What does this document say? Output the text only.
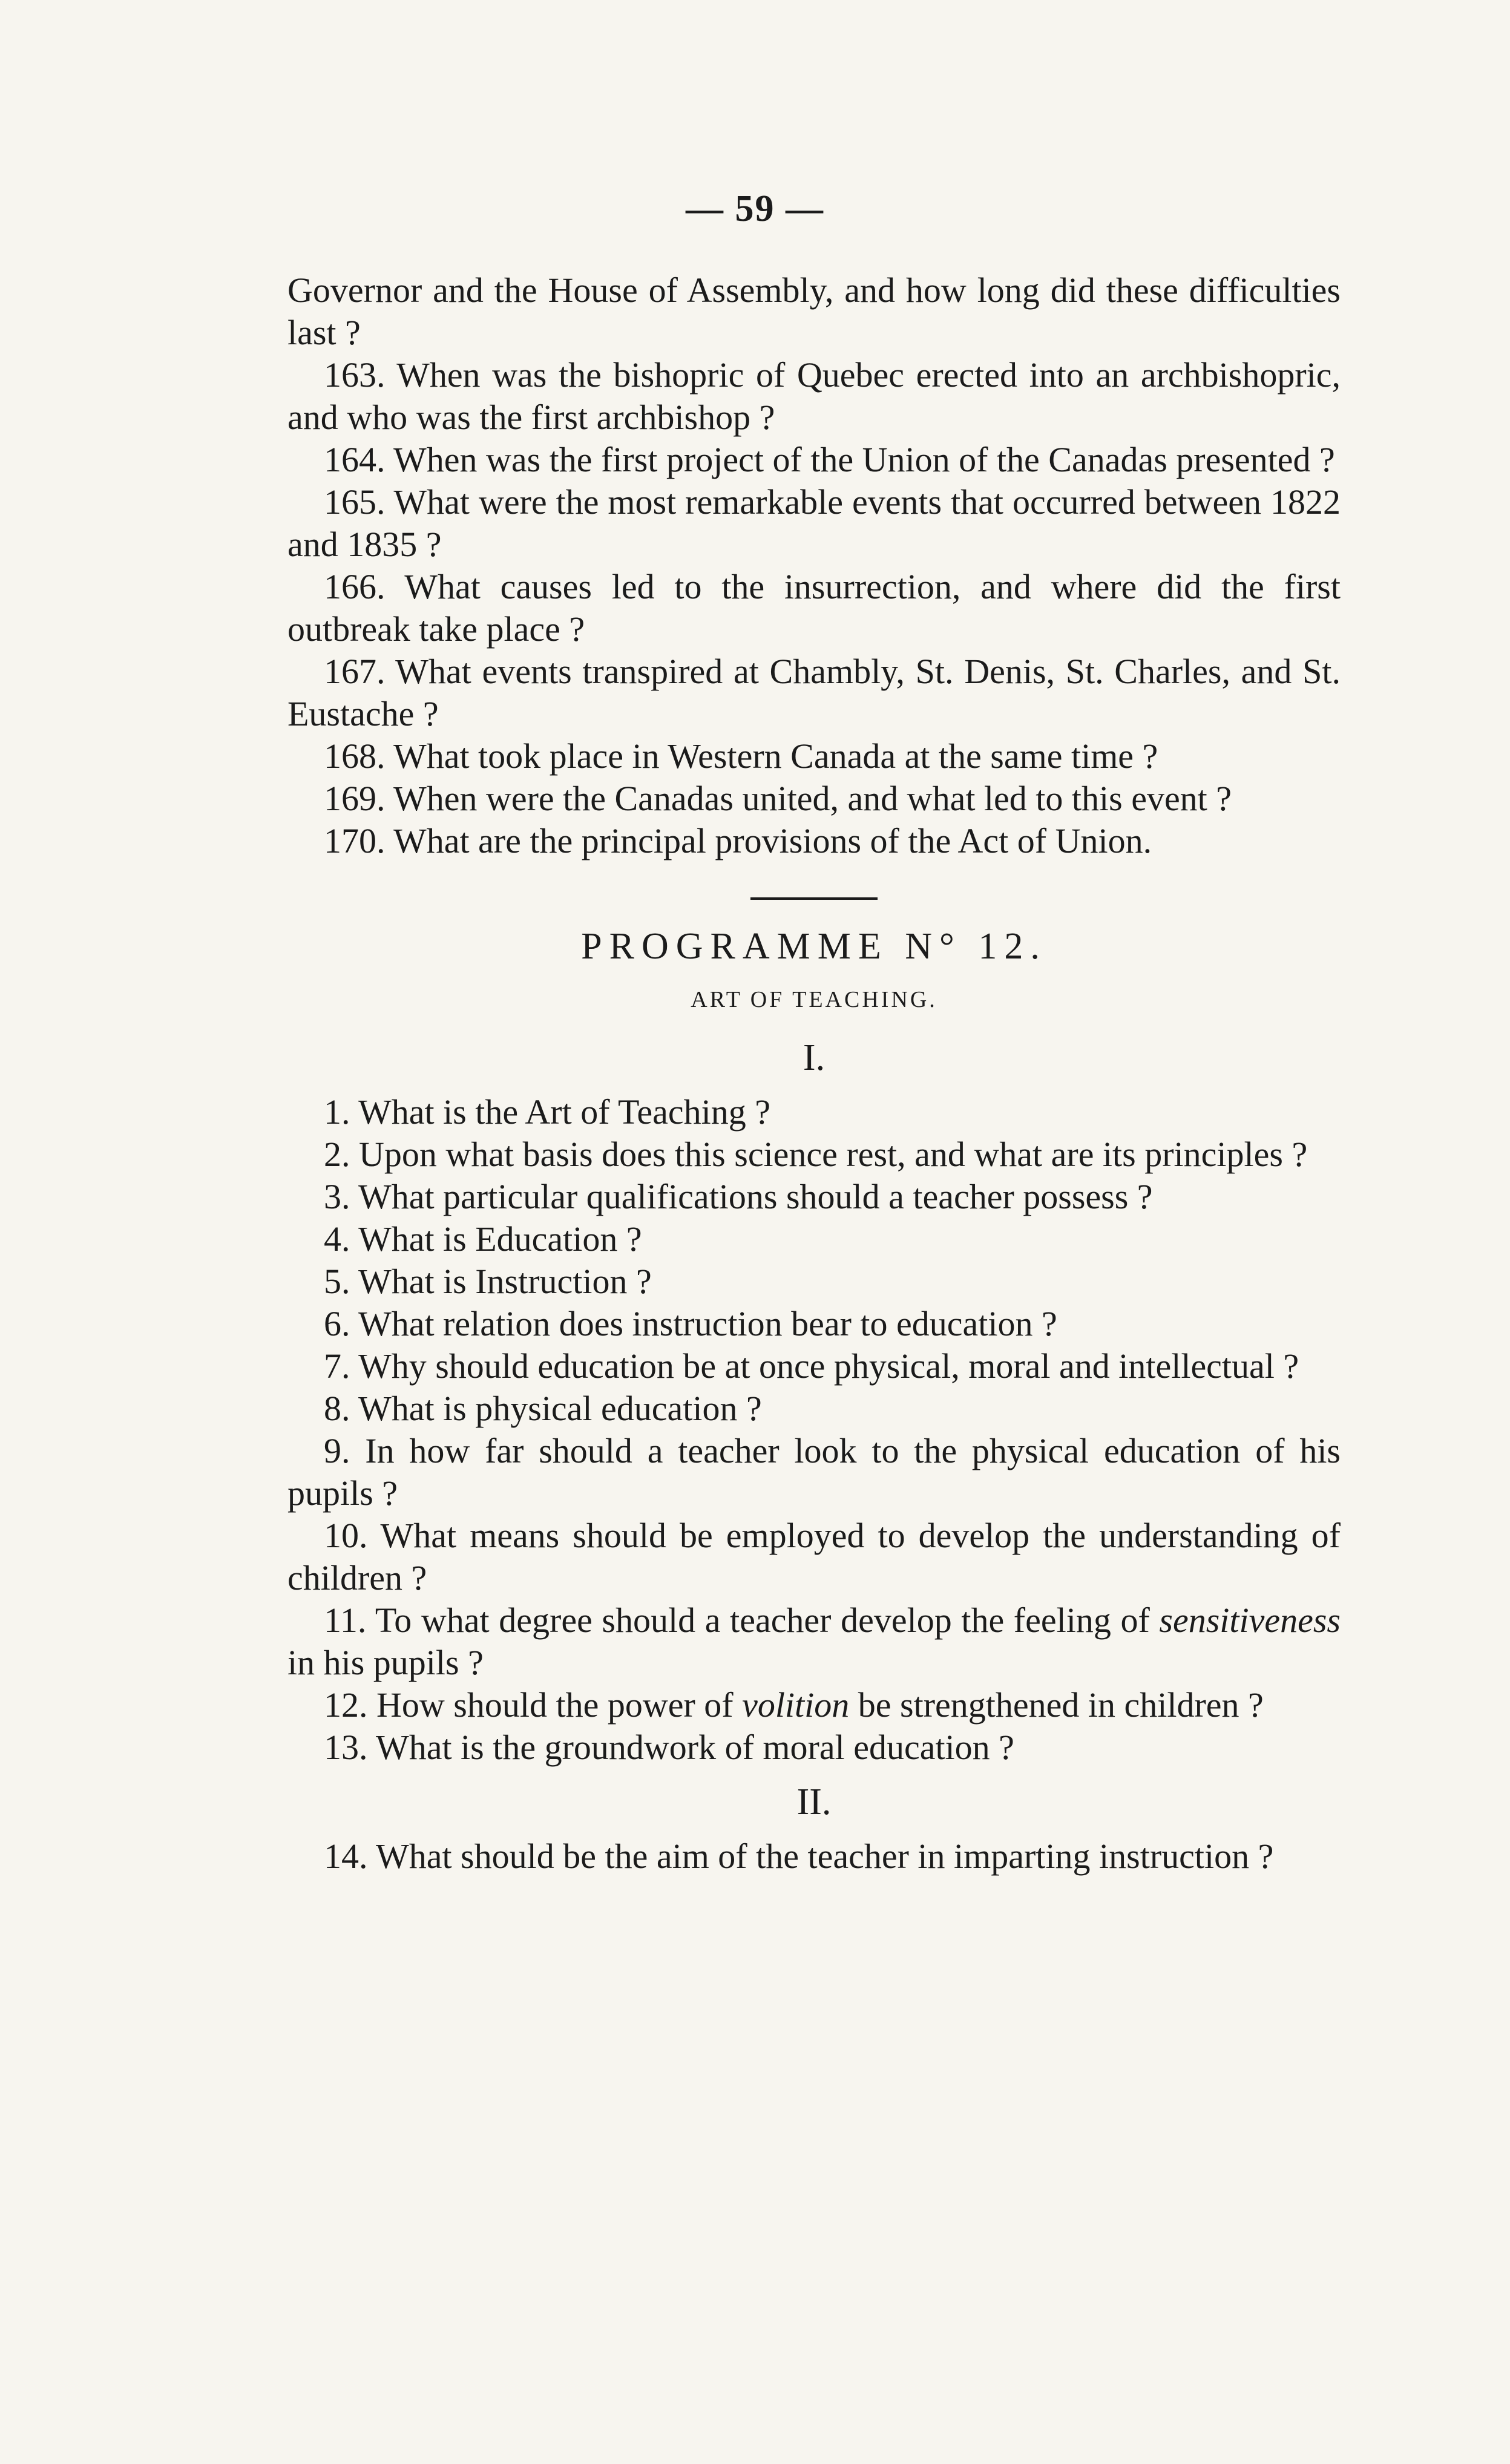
— 59 —

Governor and the House of Assembly, and how long did these difficulties last ?

163. When was the bishopric of Quebec erected into an archbishopric, and who was the first archbishop ?

164. When was the first project of the Union of the Canadas presented ?

165. What were the most remarkable events that occurred between 1822 and 1835 ?

166. What causes led to the insurrection, and where did the first outbreak take place ?

167. What events transpired at Chambly, St. Denis, St. Charles, and St. Eustache ?

168. What took place in Western Canada at the same time ?

169. When were the Canadas united, and what led to this event ?

170. What are the principal provisions of the Act of Union.

PROGRAMME N° 12.
ART OF TEACHING.
I.

1. What is the Art of Teaching ?

2. Upon what basis does this science rest, and what are its principles ?

3. What particular qualifications should a teacher possess ?

4. What is Education ?

5. What is Instruction ?

6. What relation does instruction bear to education ?

7. Why should education be at once physical, moral and intellectual ?

8. What is physical education ?

9. In how far should a teacher look to the physical education of his pupils ?

10. What means should be employed to develop the understanding of children ?

11. To what degree should a teacher develop the feeling of sensitiveness in his pupils ?

12. How should the power of volition be strengthened in children ?

13. What is the groundwork of moral education ?

II.

14. What should be the aim of the teacher in imparting instruction ?
